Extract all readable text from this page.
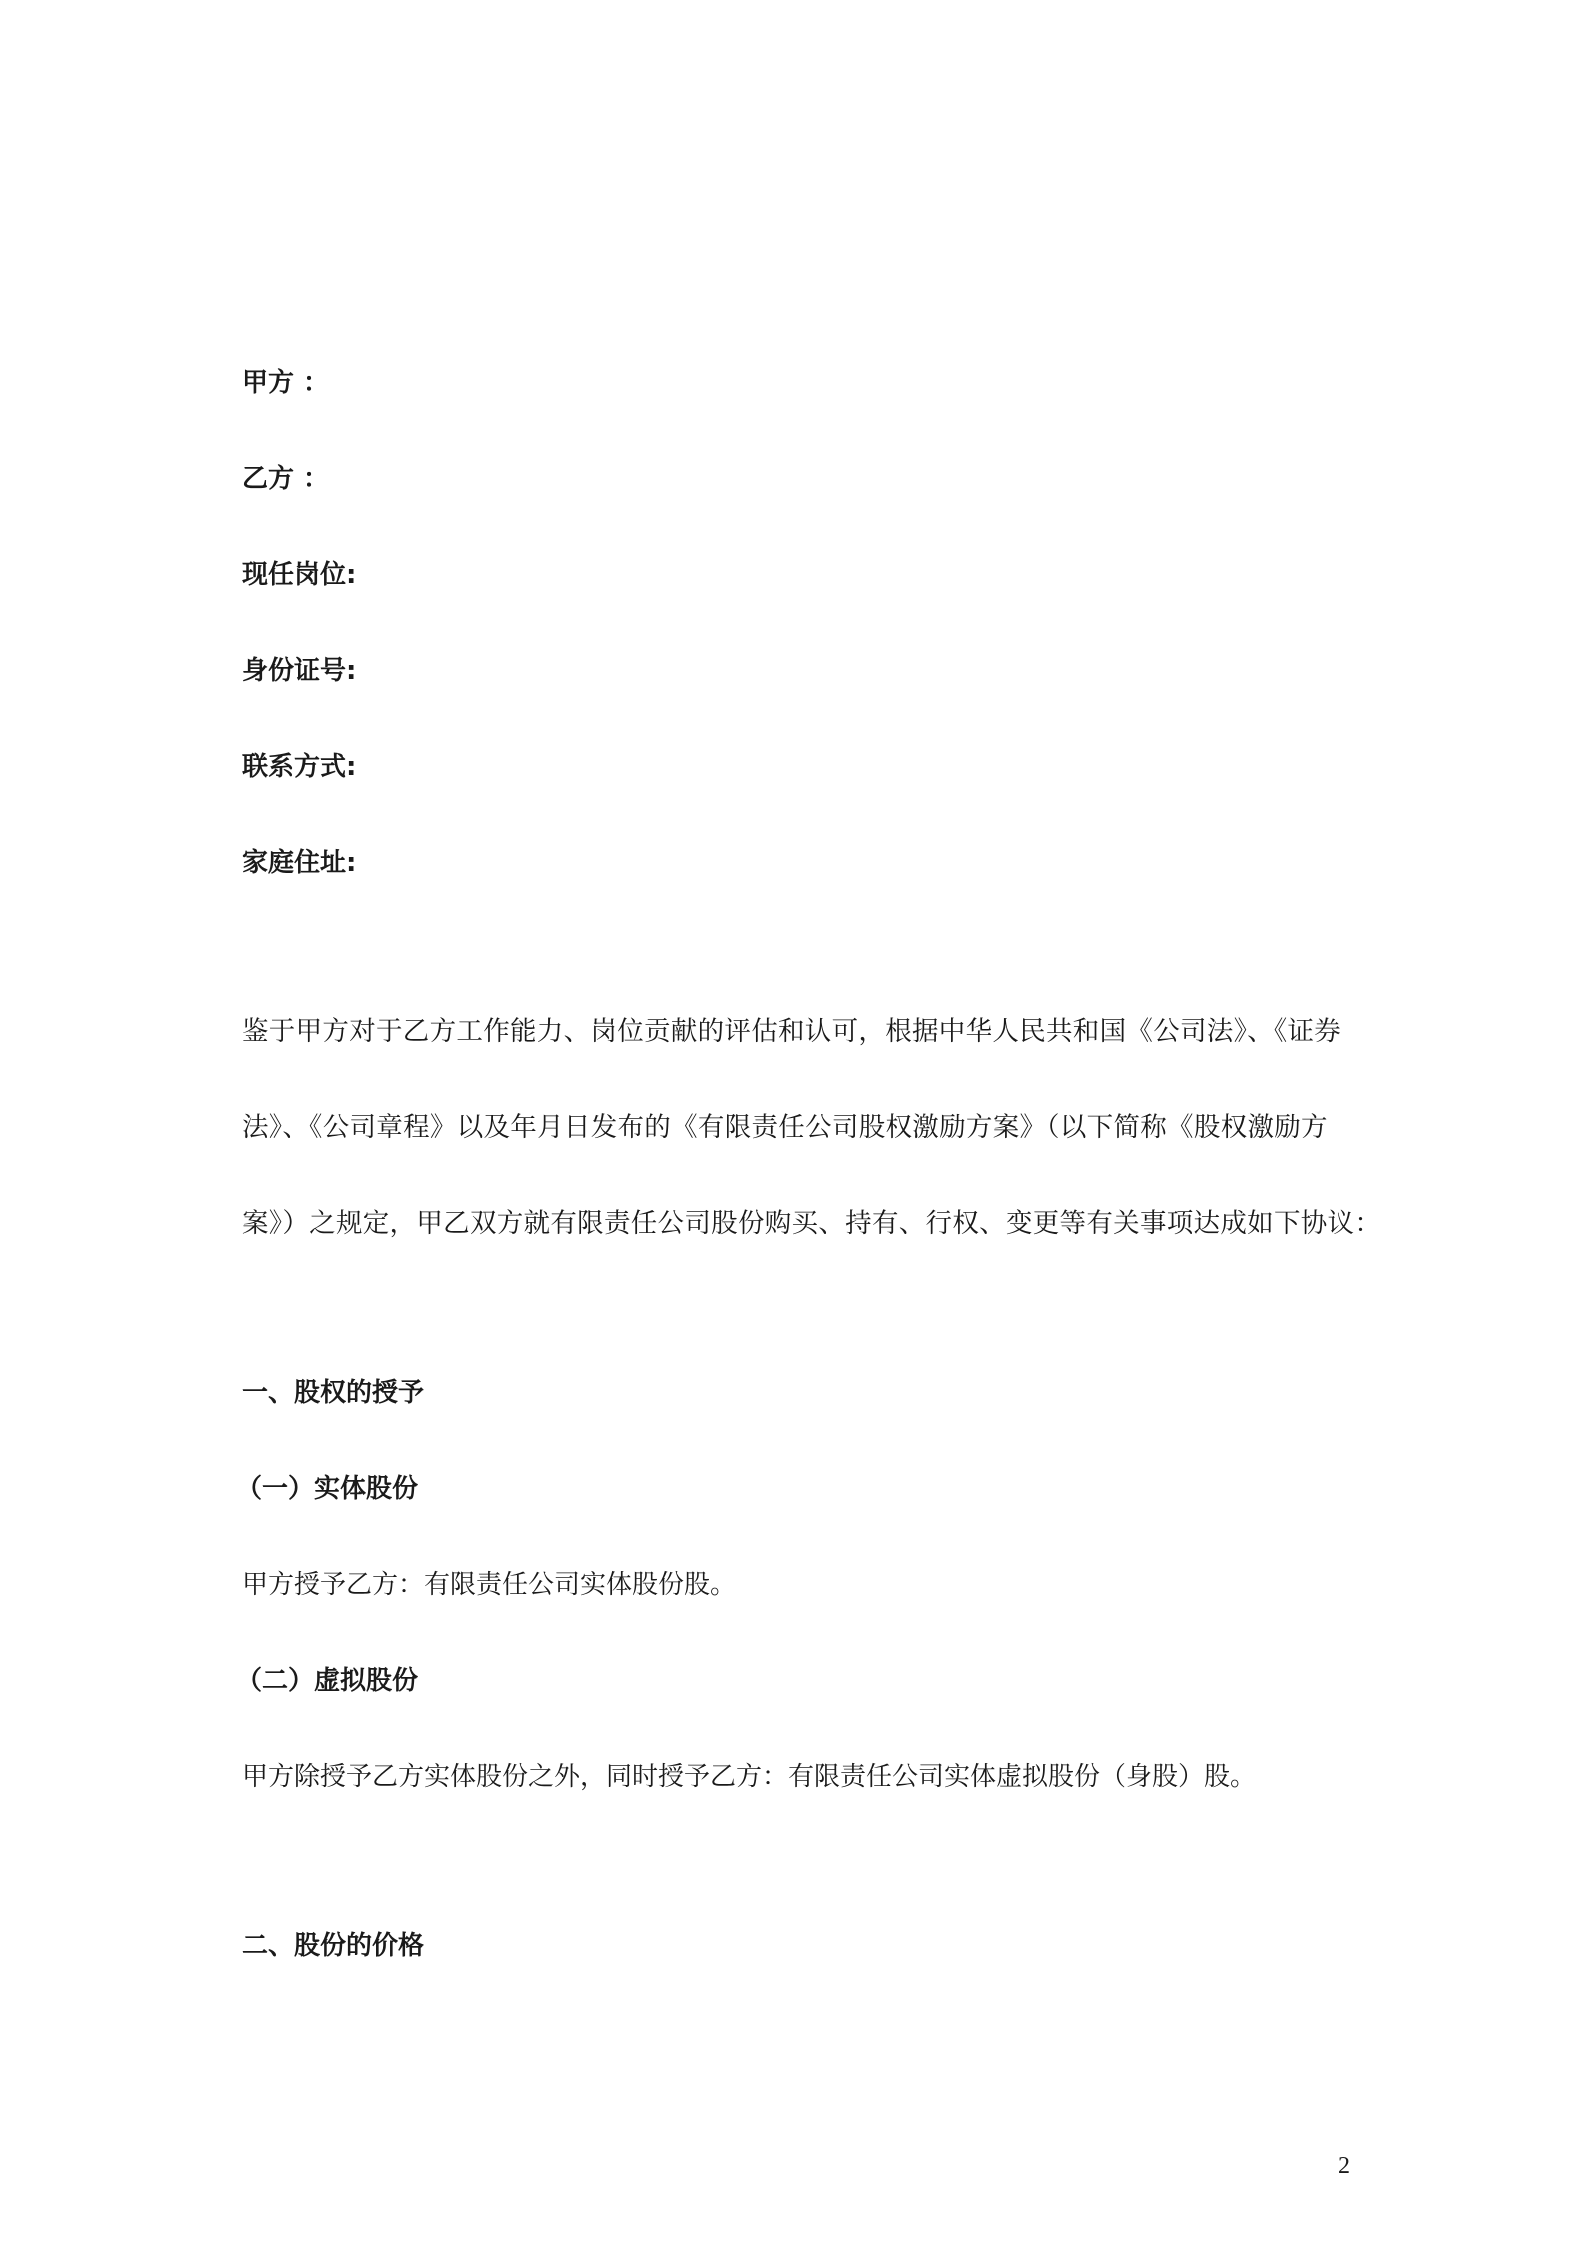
甲方 ：

乙方 ：

现任岗位:

身份证号:

联系方式:

家庭住址:

鉴于甲方对于乙方工作能力、岗位贡献的评估和认可，根据中华人民共和国《公司法》、《证券

法》、《公司章程》以及年月日发布的《有限责任公司股权激励方案》（以下简称《股权激励方

案》）之规定，甲乙双方就有限责任公司股份购买、持有、行权、变更等有关事项达成如下协议：

一、股权的授予

（一）实体股份

甲方授予乙方：有限责任公司实体股份股。

（二）虚拟股份

甲方除授予乙方实体股份之外，同时授予乙方：有限责任公司实体虚拟股份（身股）股。

二、股份的价格

2
